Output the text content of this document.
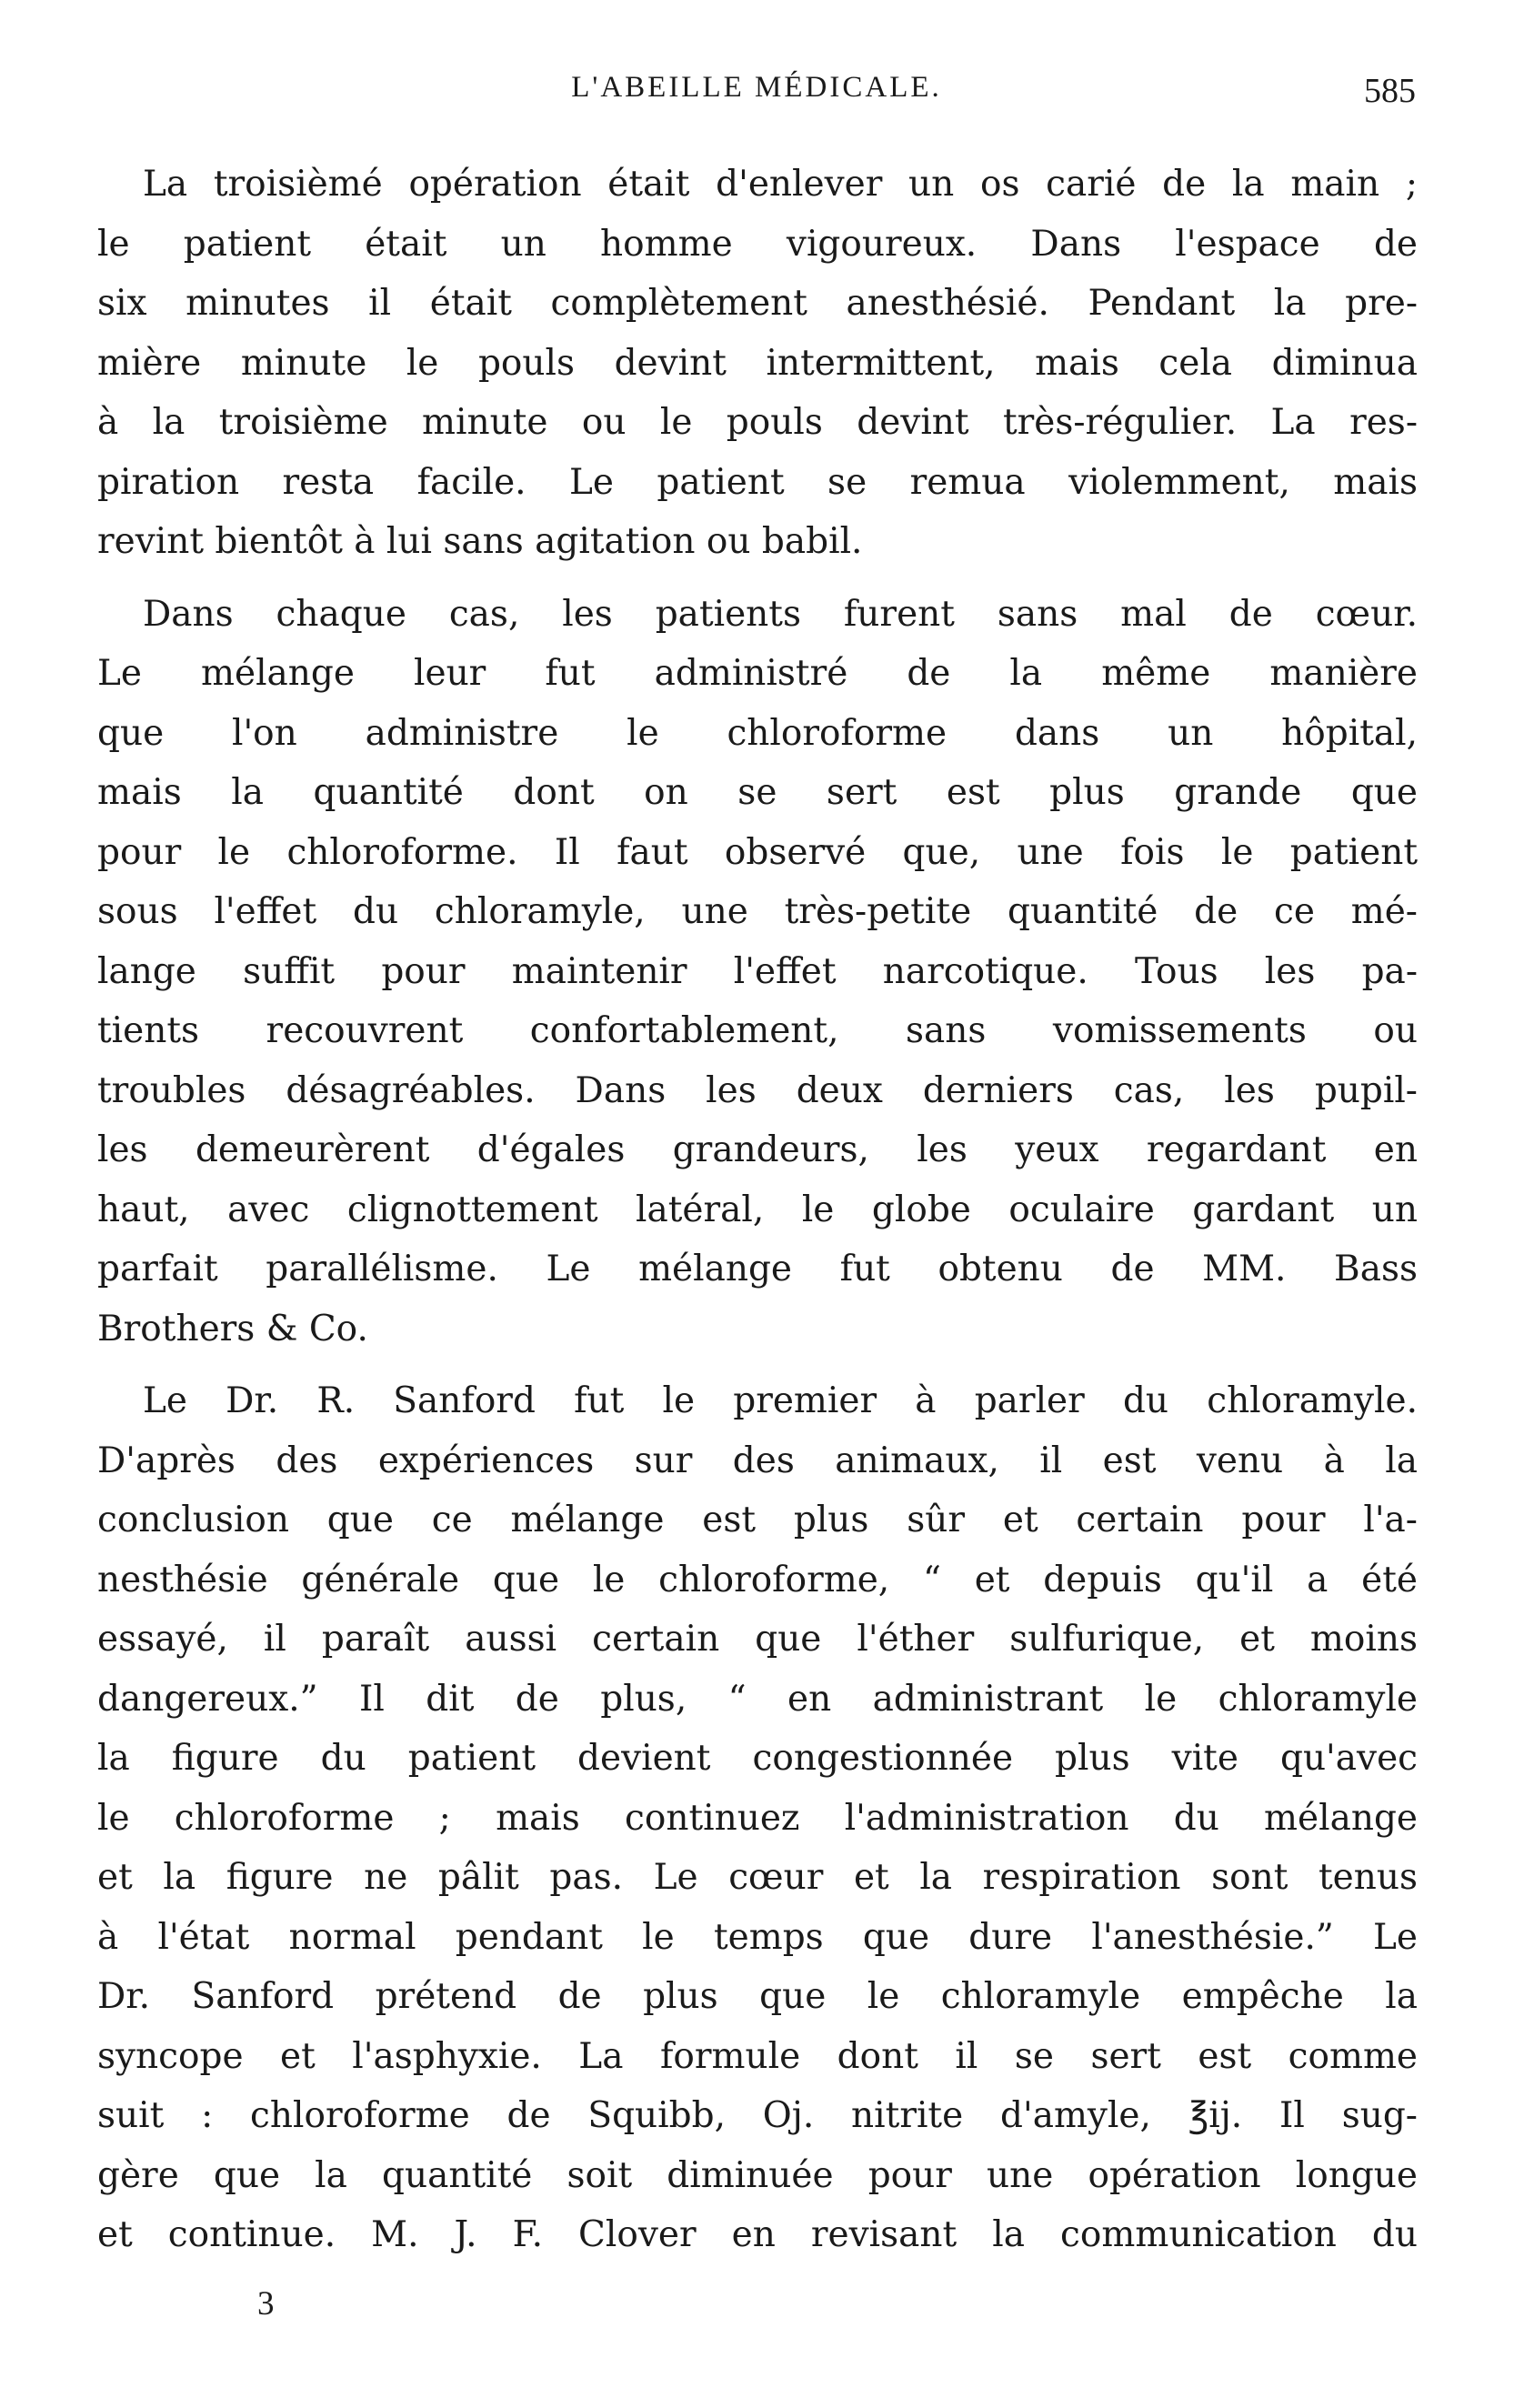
L'ABEILLE MÉDICALE.	585
La troisièmé opération était d'enlever un os carié de la main ;
le patient était un homme vigoureux. Dans l'espace de
six minutes il était complètement anesthésié. Pendant la pre-
mière minute le pouls devint intermittent, mais cela diminua
à la troisième minute ou le pouls devint très-régulier. La res-
piration resta facile. Le patient se remua violemment, mais
revint bientôt à lui sans agitation ou babil.
Dans chaque cas, les patients furent sans mal de cœur.
Le mélange leur fut administré de la même manière
que l'on administre le chloroforme dans un hôpital,
mais la quantité dont on se sert est plus grande que
pour le chloroforme. Il faut observé que, une fois le patient
sous l'effet du chloramyle, une très-petite quantité de ce mé-
lange suffit pour maintenir l'effet narcotique. Tous les pa-
tients recouvrent confortablement, sans vomissements ou
troubles désagréables. Dans les deux derniers cas, les pupil-
les demeurèrent d'égales grandeurs, les yeux regardant en
haut, avec clignottement latéral, le globe oculaire gardant un
parfait parallélisme. Le mélange fut obtenu de MM. Bass
Brothers & Co.
Le Dr. R. Sanford fut le premier à parler du chloramyle.
D'après des expériences sur des animaux, il est venu à la
conclusion que ce mélange est plus sûr et certain pour l'a-
nesthésie générale que le chloroforme, “ et depuis qu'il a été
essayé, il paraît aussi certain que l'éther sulfurique, et moins
dangereux.” Il dit de plus, “ en administrant le chloramyle
la figure du patient devient congestionnée plus vite qu'avec
le chloroforme ; mais continuez l'administration du mélange
et la figure ne pâlit pas. Le cœur et la respiration sont tenus
à l'état normal pendant le temps que dure l'anesthésie.” Le
Dr. Sanford prétend de plus que le chloramyle empêche la
syncope et l'asphyxie. La formule dont il se sert est comme
suit : chloroforme de Squibb, Oj. nitrite d'amyle, ℥ij. Il sug-
gère que la quantité soit diminuée pour une opération longue
et continue. M. J. F. Clover en revisant la communication du
3
